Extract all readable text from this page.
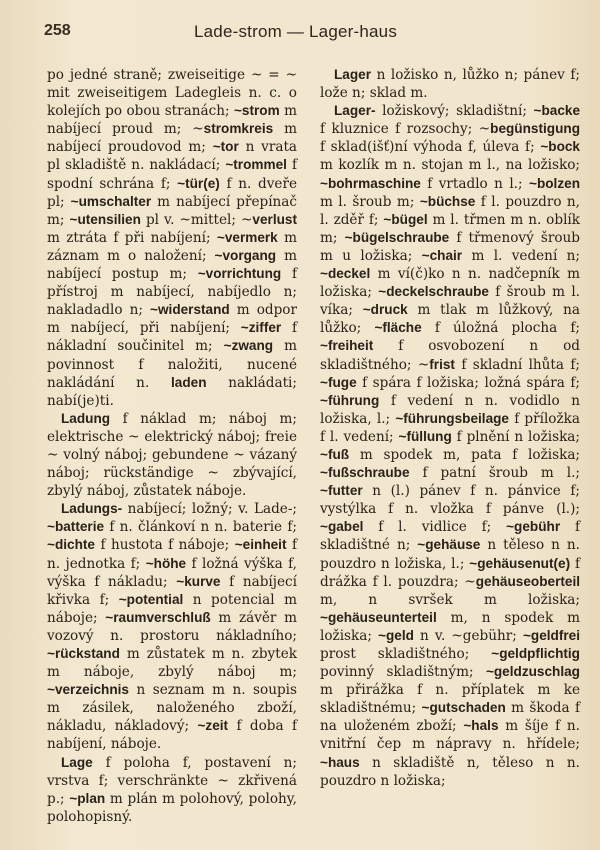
258	Lade-strom — Lager-haus

po jedné straně; zweiseitige ~ = ~ mit zweiseitigem Ladegleis n. c. o kolejích po obou stranách; ~strom m nabíjecí proud m; ~stromkreis m nabíjecí proudovod m; ~tor n vrata pl skladiště n. nakládací; ~trommel f spodní schrána f; ~tür(e) f n. dveře pl; ~umschalter m nabíjecí přepínač m; ~utensilien pl v. ~mittel; ~verlust m ztráta f při nabíjení; ~vermerk m záznam m o naložení; ~vorgang m nabíjecí postup m; ~vorrichtung f přístroj m nabíjecí, nabíjedlo n; nakladadlo n; ~widerstand m odpor m nabíjecí, při nabíjení; ~ziffer f nákladní součinitel m; ~zwang m povinnost f naložiti, nucené nakládání n. laden nakládati; nabí(je)ti.

Ladung f náklad m; náboj m; elektrische ~ elektrický náboj; freie ~ volný náboj; gebundene ~ vázaný náboj; rückständige ~ zbývající, zbylý náboj, zůstatek náboje.

Ladungs- nabíjecí; ložný; v. Lade-; ~batterie f n. článkoví n n. baterie f; ~dichte f hustota f náboje; ~einheit f n. jednotka f; ~höhe f ložná výška f, výška f nákladu; ~kurve f nabíjecí křivka f; ~potential n potencial m náboje; ~raumverschluß m závěr m vozový n. prostoru nákladního; ~rückstand m zůstatek m n. zbytek m náboje, zbylý náboj m; ~verzeichnis n seznam m n. soupis m zásilek, naloženého zboží, nákladu, nákladový; ~zeit f doba f nabíjení, náboje.

Lage f poloha f, postavení n; vrstva f; verschränkte ~ zkřivená p.; ~plan m plán m polohový, polohy, polohopisný.

Lager n ložisko n, lůžko n; pánev f; lože n; sklad m.

Lager- ložiskový; skladištní; ~backe f kluznice f rozsochy; ~begünstigung f sklad(išť)ní výhoda f, úleva f; ~bock m kozlík m n. stojan m l., na ložisko; ~bohrmaschine f vrtadlo n l.; ~bolzen m l. šroub m; ~büchse f l. pouzdro n, l. zděř f; ~bügel m l. třmen m n. oblík m; ~bügelschraube f třmenový šroub m u ložiska; ~chair m l. vedení n; ~deckel m ví(č)ko n n. nadčepník m ložiska; ~deckelschraube f šroub m l. víka; ~druck m tlak m lůžkový, na lůžko; ~fläche f úložná plocha f; ~freiheit f osvobození n od skladištného; ~frist f skladní lhůta f; ~fuge f spára f ložiska; ložná spára f; ~führung f vedení n n. vodidlo n ložiska, l.; ~führungsbeilage f příložka f l. vedení; ~füllung f plnění n ložiska; ~fuß m spodek m, pata f ložiska; ~fußschraube f patní šroub m l.; ~futter n (l.) pánev f n. pánvice f; vystýlka f n. vložka f pánve (l.); ~gabel f l. vidlice f; ~gebühr f skladištné n; ~gehäuse n těleso n n. pouzdro n ložiska, l.; ~gehäusenut(e) f drážka f l. pouzdra; ~gehäuseoberteil m, n svršek m ložiska; ~gehäuseunterteil m, n spodek m ložiska; ~geld n v. ~gebühr; ~geldfrei prost skladištného; ~geldpflichtig povinný skladištným; ~geldzuschlag m přirážka f n. příplatek m ke skladištnému; ~gutschaden m škoda f na uloženém zboží; ~hals m šíje f n. vnitřní čep m nápravy n. hřídele; ~haus n skladiště n, těleso n n. pouzdro n ložiska;
